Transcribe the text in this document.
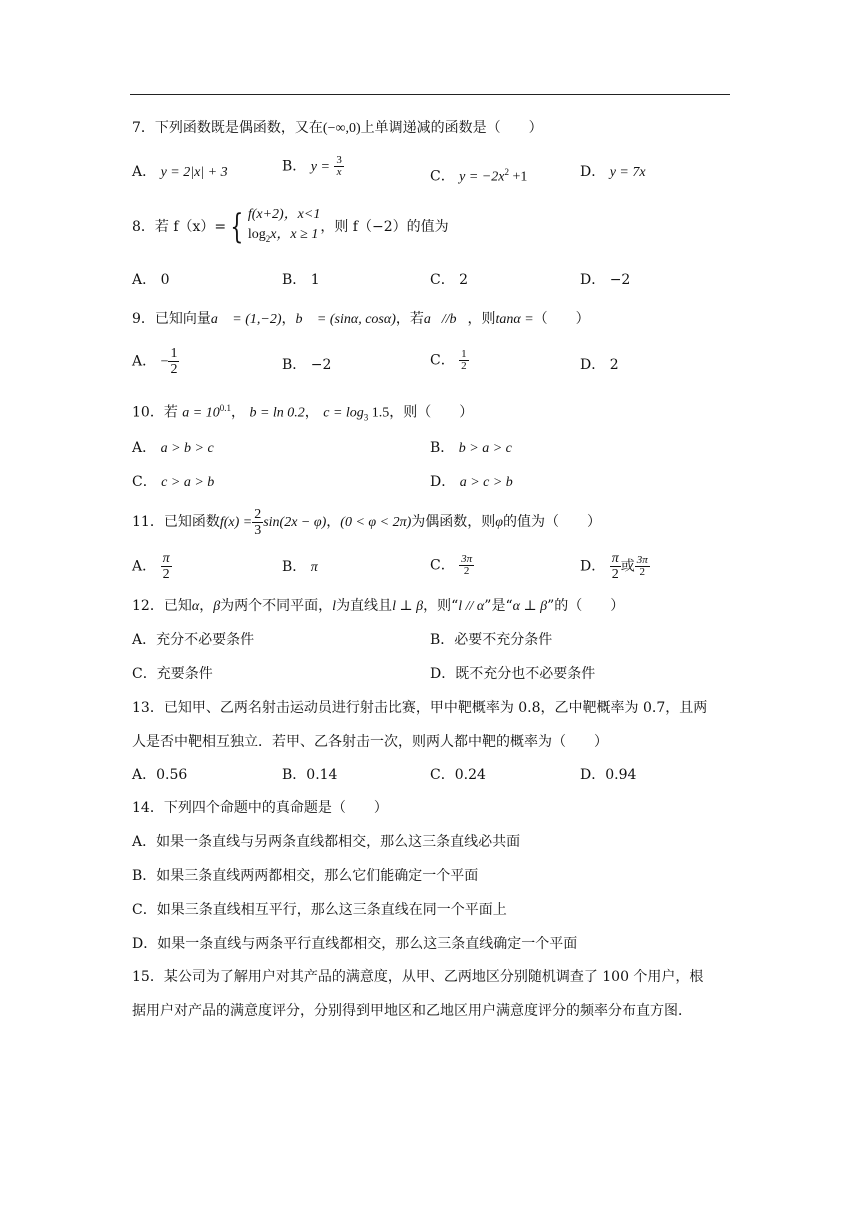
7．下列函数既是偶函数，又在(−∞,0)上单调递减的函数是（　　）
A． y = 2|x| + 3	B． $y = \frac{3}{x}$	C． $y = -2x^2 +1$	D． y = 7x
8．若 f（x）= { f(x+2)，x<1
$\log_2x$，x ≥ 1 ，则 f（−2）的值为
A． 0	B． 1	C． 2	D． −2
9．已知向量a⃗ = (1,−2)，b⃗ = (sinα, cosα)，若a⃗//b⃗，则tanα =（　　）
A． − $\frac{1}{2}$	B． −2	C． $\frac{1}{2}$	D． 2
10．若 $a = 10^{0.1}$， b = ln 0.2， $c = \log_3 1.5$，则（　　）
A． a > b > c	B． b > a > c
C． c > a > b	D． a > c > b
11．已知函数$f(x) = \frac{2}{3} \sin(2x - \varphi)$，(0 < φ < 2π)为偶函数，则φ的值为（　　）
A． $\frac{\pi}{2}$	B． π	C． $\frac{3\pi}{2}$	D． $\frac{\pi}{2}$ 或 $\frac{3\pi}{2}$
12．已知α，β为两个不同平面，l为直线且l ⊥ β，则“l // α”是“α ⊥ β”的（　　）
A．充分不必要条件	B．必要不充分条件
C．充要条件	D．既不充分也不必要条件
13．已知甲、乙两名射击运动员进行射击比赛，甲中靶概率为 0.8，乙中靶概率为 0.7，且两
人是否中靶相互独立．若甲、乙各射击一次，则两人都中靶的概率为（　　）
A．0.56	B．0.14	C．0.24	D．0.94
14．下列四个命题中的真命题是（　　）
A．如果一条直线与另两条直线都相交，那么这三条直线必共面
B．如果三条直线两两都相交，那么它们能确定一个平面
C．如果三条直线相互平行，那么这三条直线在同一个平面上
D．如果一条直线与两条平行直线都相交，那么这三条直线确定一个平面
15．某公司为了解用户对其产品的满意度，从甲、乙两地区分别随机调查了 100 个用户，根
据用户对产品的满意度评分，分别得到甲地区和乙地区用户满意度评分的频率分布直方图．
